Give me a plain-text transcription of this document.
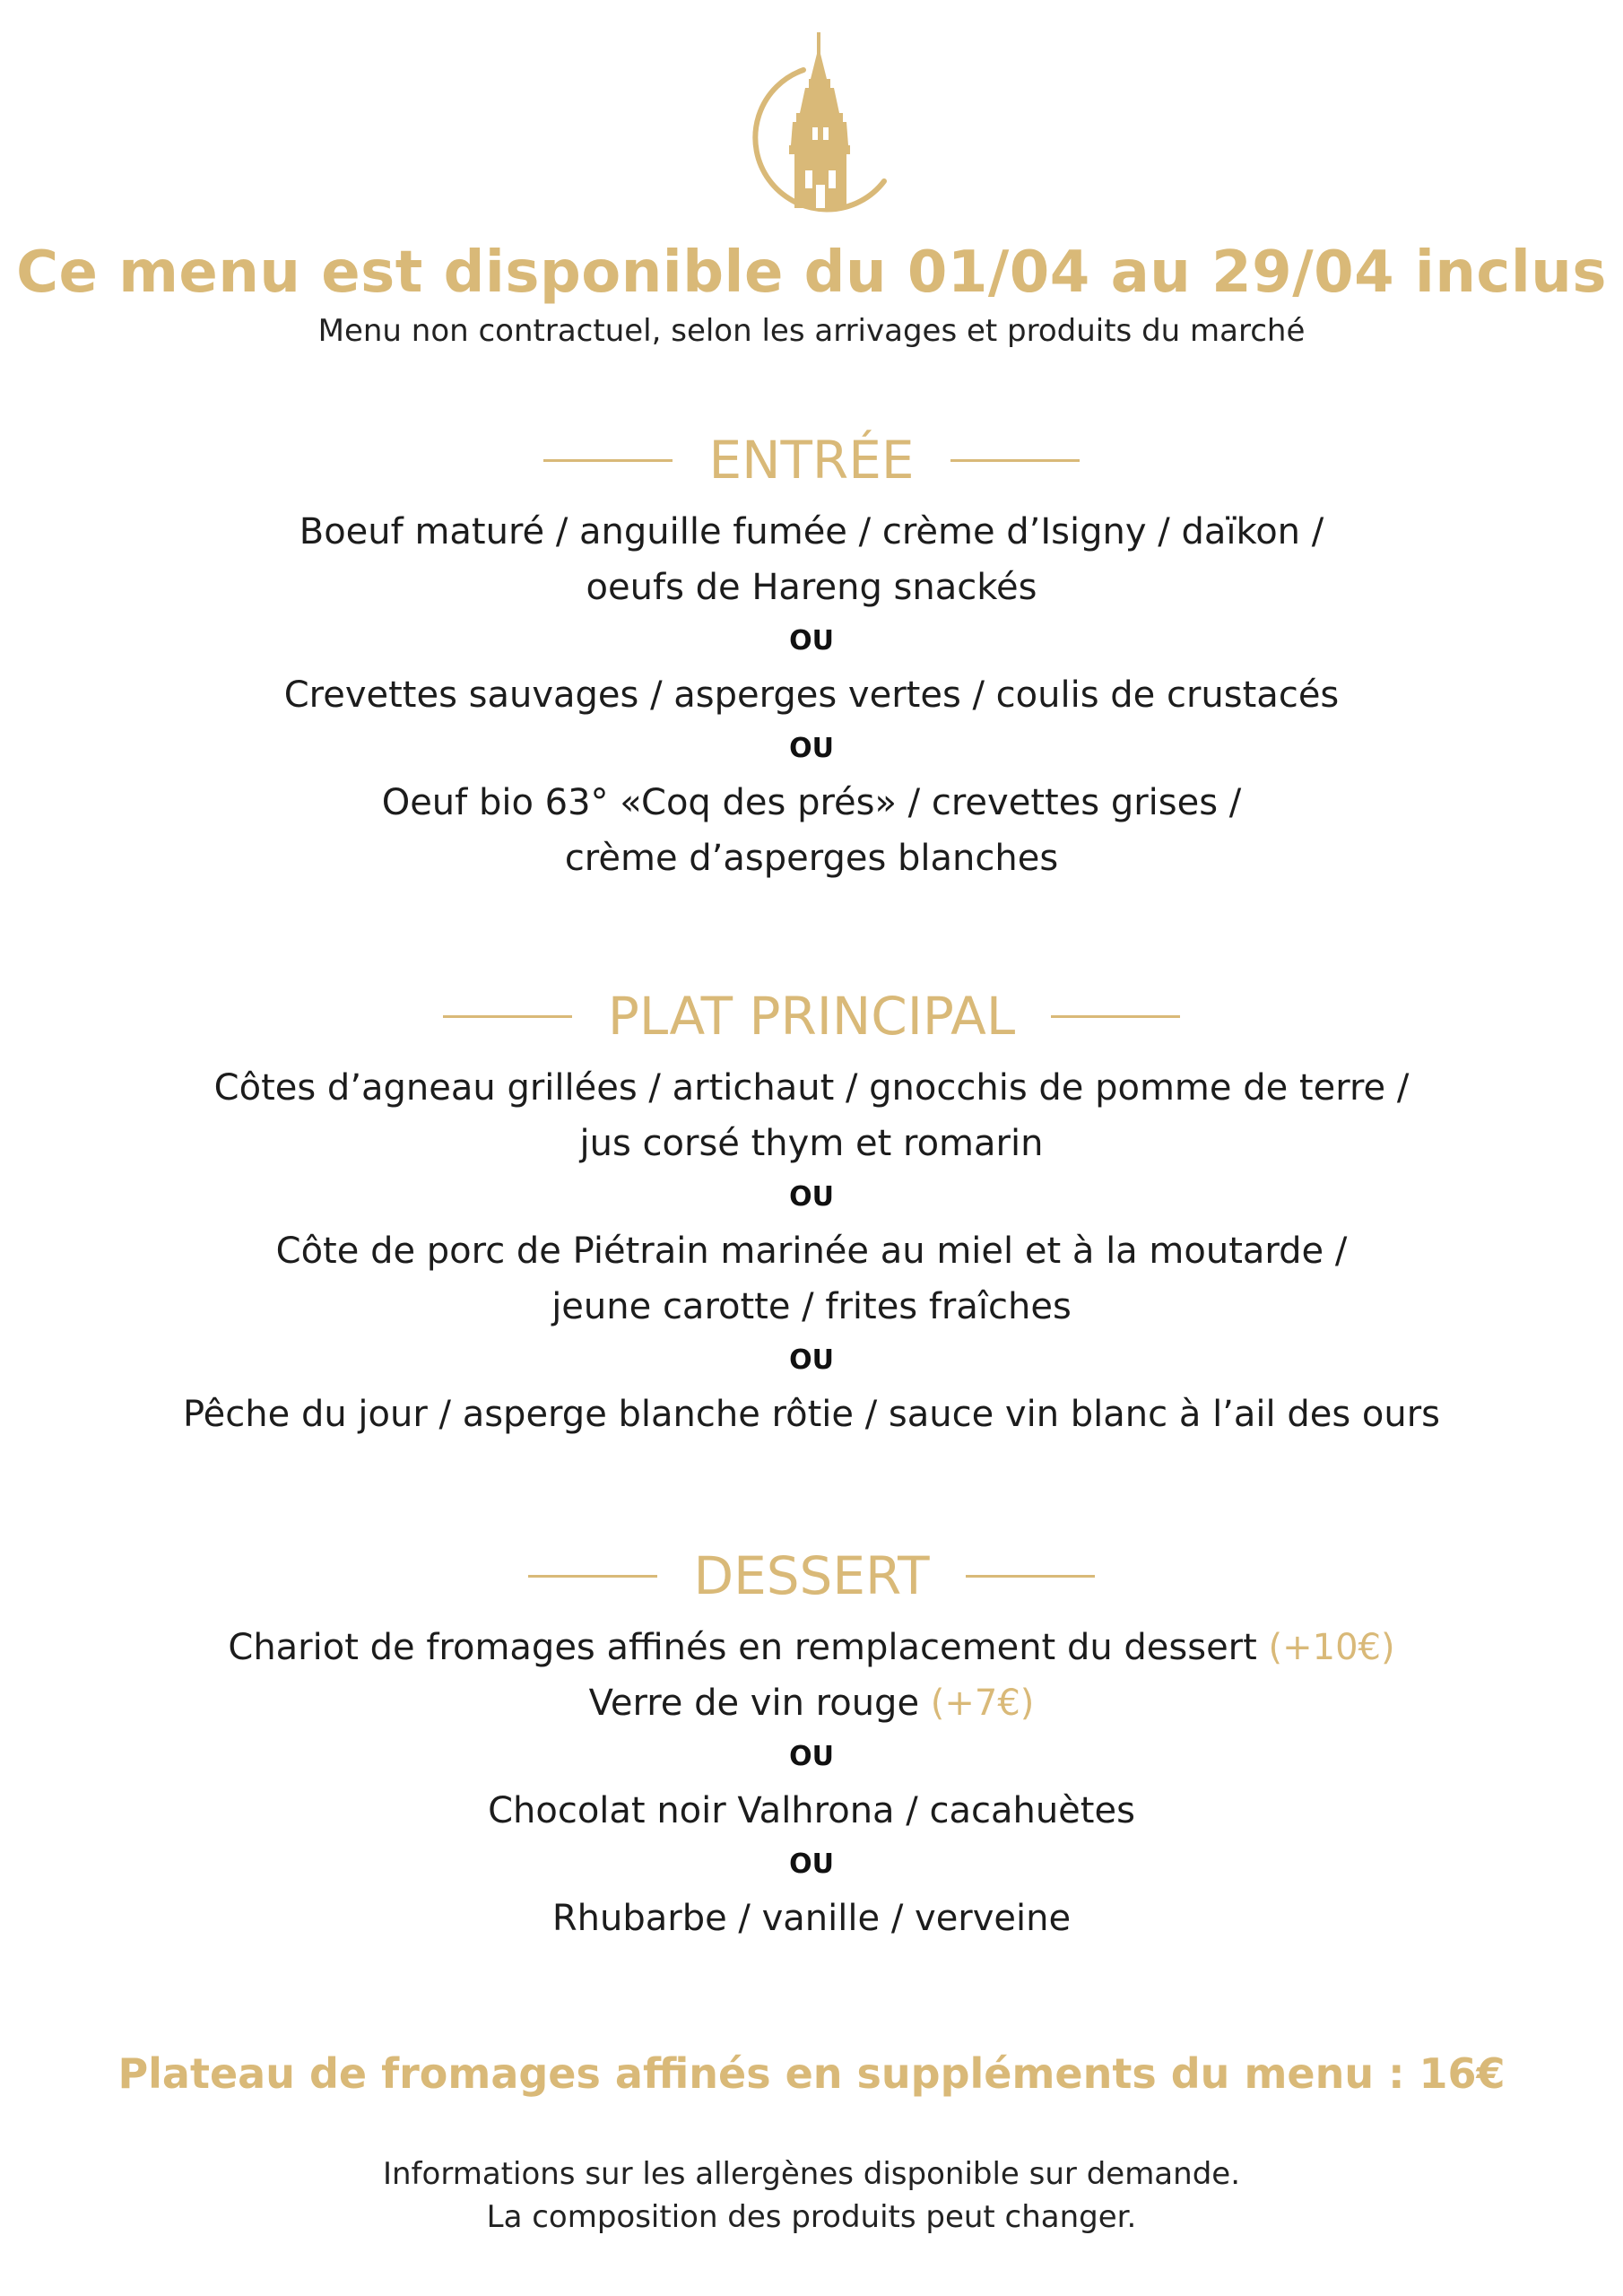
Ce menu est disponible du 01/04 au 29/04 inclus
Menu non contractuel, selon les arrivages et produits du marché
ENTRÉE
Boeuf maturé / anguille fumée / crème d’Isigny / daïkon /
oeufs de Hareng snackés
OU
Crevettes sauvages / asperges vertes / coulis de crustacés
OU
Oeuf bio 63° «Coq des prés» / crevettes grises /
crème d’asperges blanches
PLAT PRINCIPAL
Côtes d’agneau grillées / artichaut / gnocchis de pomme de terre /
jus corsé thym et romarin
OU
Côte de porc de Piétrain marinée au miel et à la moutarde /
jeune carotte / frites fraîches
OU
Pêche du jour / asperge blanche rôtie / sauce vin blanc à l’ail des ours
DESSERT
Chariot de fromages affinés en remplacement du dessert (+10€)
Verre de vin rouge (+7€)
OU
Chocolat noir Valhrona / cacahuètes
OU
Rhubarbe / vanille / verveine
Plateau de fromages affinés en suppléments du menu : 16€
Informations sur les allergènes disponible sur demande.
La composition des produits peut changer.
